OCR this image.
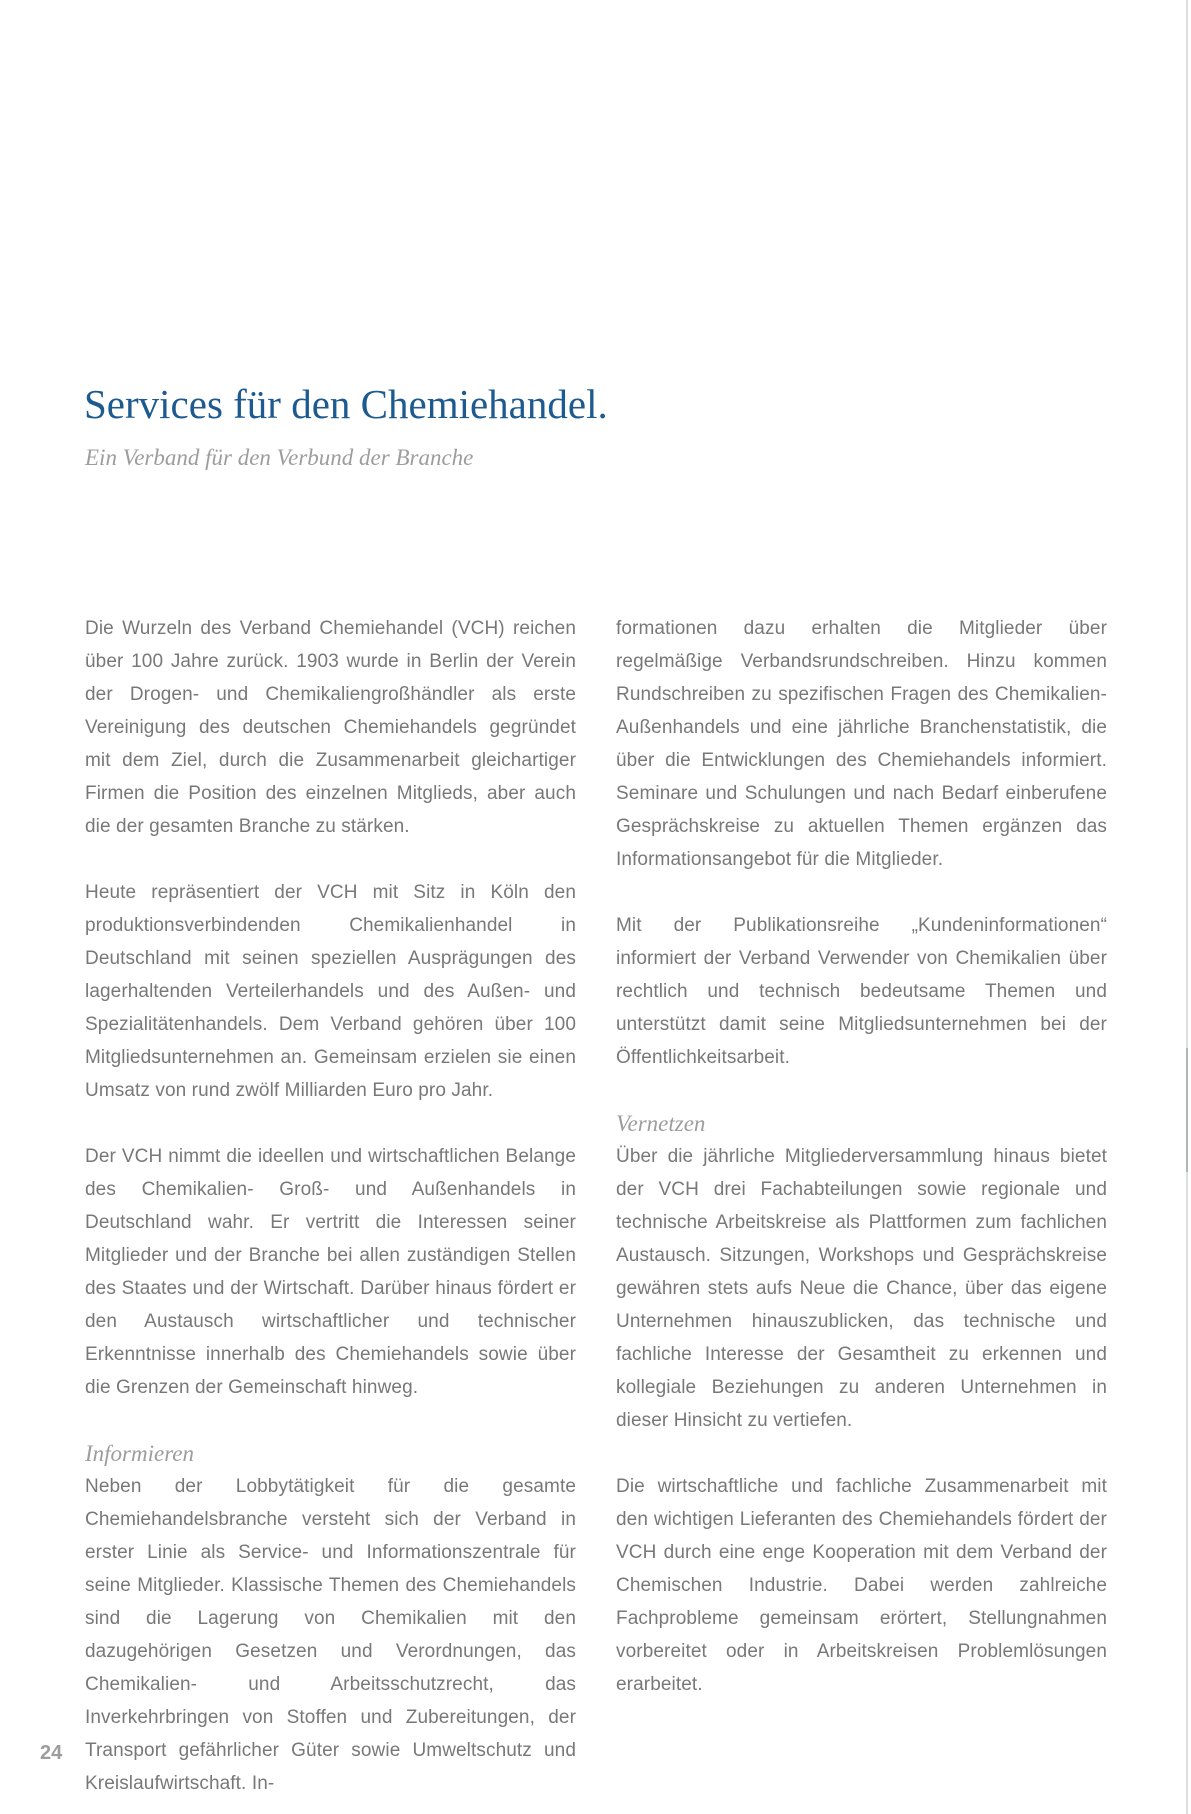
Services für den Chemiehandel.
Ein Verband für den Verbund der Branche

Die Wurzeln des Verband Chemiehandel (VCH) reichen über 100 Jahre zurück. 1903 wurde in Berlin der Verein der Drogen- und Chemikaliengroßhändler als erste Vereinigung des deutschen Chemiehandels gegründet mit dem Ziel, durch die Zusammenarbeit gleichartiger Firmen die Position des einzelnen Mitglieds, aber auch die der gesamten Branche zu stärken.

Heute repräsentiert der VCH mit Sitz in Köln den produktionsverbindenden Chemikalienhandel in Deutschland mit seinen speziellen Ausprägungen des lagerhaltenden Verteilerhandels und des Außen- und Spezialitätenhandels. Dem Verband gehören über 100 Mitgliedsunternehmen an. Gemeinsam erzielen sie einen Umsatz von rund zwölf Milliarden Euro pro Jahr.

Der VCH nimmt die ideellen und wirtschaftlichen Belange des Chemikalien- Groß- und Außenhandels in Deutschland wahr. Er vertritt die Interessen seiner Mitglieder und der Branche bei allen zuständigen Stellen des Staates und der Wirtschaft. Darüber hinaus fördert er den Austausch wirtschaftlicher und technischer Erkenntnisse innerhalb des Chemiehandels sowie über die Grenzen der Gemeinschaft hinweg.

Informieren

Neben der Lobbytätigkeit für die gesamte Chemiehandelsbranche versteht sich der Verband in erster Linie als Service- und Informationszentrale für seine Mitglieder. Klassische Themen des Chemiehandels sind die Lagerung von Chemikalien mit den dazugehörigen Gesetzen und Verordnungen, das Chemikalien- und Arbeitsschutzrecht, das Inverkehrbringen von Stoffen und Zubereitungen, der Transport gefährlicher Güter sowie Umweltschutz und Kreislaufwirtschaft. In-

formationen dazu erhalten die Mitglieder über regelmäßige Verbandsrundschreiben. Hinzu kommen Rundschreiben zu spezifischen Fragen des Chemikalien-Außenhandels und eine jährliche Branchenstatistik, die über die Entwicklungen des Chemiehandels informiert. Seminare und Schulungen und nach Bedarf einberufene Gesprächskreise zu aktuellen Themen ergänzen das Informationsangebot für die Mitglieder.

Mit der Publikationsreihe „Kundeninformationen“ informiert der Verband Verwender von Chemikalien über rechtlich und technisch bedeutsame Themen und unterstützt damit seine Mitgliedsunternehmen bei der Öffentlichkeitsarbeit.

Vernetzen

Über die jährliche Mitgliederversammlung hinaus bietet der VCH drei Fachabteilungen sowie regionale und technische Arbeitskreise als Plattformen zum fachlichen Austausch. Sitzungen, Workshops und Gesprächskreise gewähren stets aufs Neue die Chance, über das eigene Unternehmen hinauszublicken, das technische und fachliche Interesse der Gesamtheit zu erkennen und kollegiale Beziehungen zu anderen Unternehmen in dieser Hinsicht zu vertiefen.

Die wirtschaftliche und fachliche Zusammenarbeit mit den wichtigen Lieferanten des Chemiehandels fördert der VCH durch eine enge Kooperation mit dem Verband der Chemischen Industrie. Dabei werden zahlreiche Fachprobleme gemeinsam erörtert, Stellungnahmen vorbereitet oder in Arbeitskreisen Problemlösungen erarbeitet.

24
